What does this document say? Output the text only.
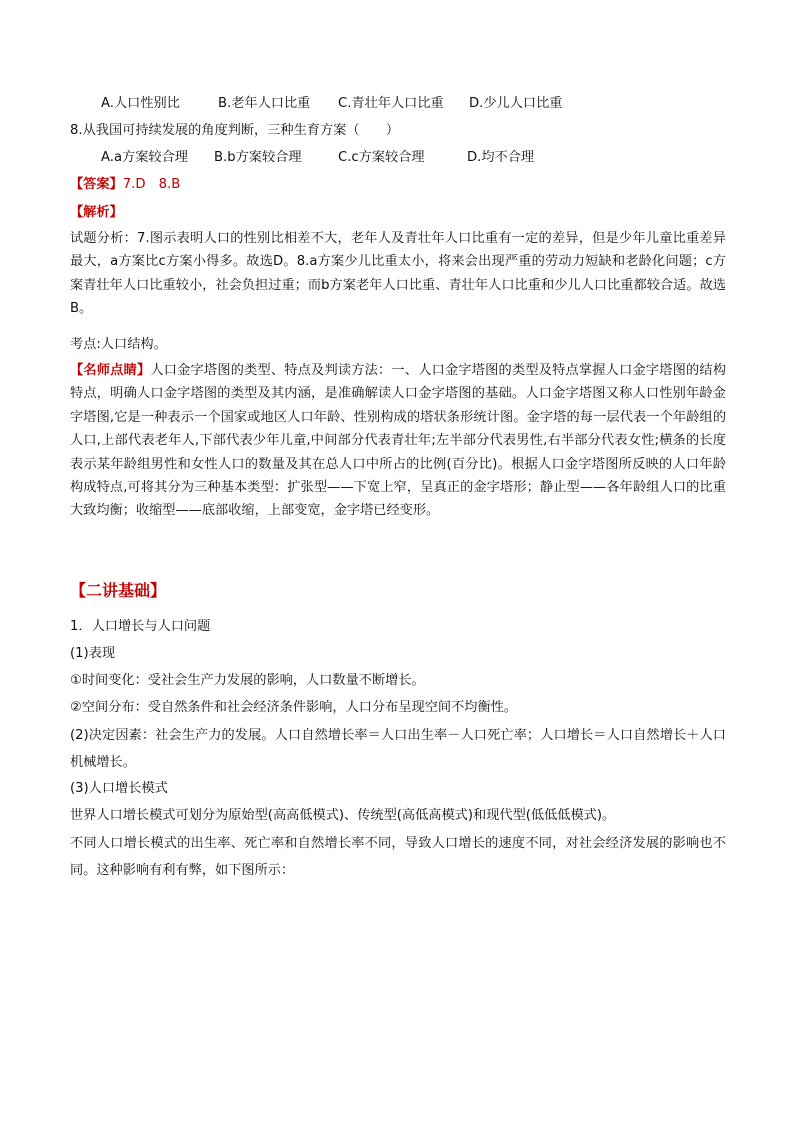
A.人口性别比	B.老年人口比重 C.青壮年人口比重 D.少儿人口比重
8.从我国可持续发展的角度判断，三种生育方案（　　）
A.a方案较合理 B.b方案较合理	C.c方案较合理	D.均不合理
【答案】7.D　8.B
【解析】
试题分析：7.图示表明人口的性别比相差不大，老年人及青壮年人口比重有一定的差异，但是少年儿童比重差异最大，a方案比c方案小得多。故选D。8.a方案少儿比重太小，将来会出现严重的劳动力短缺和老龄化问题；c方案青壮年人口比重较小，社会负担过重；而b方案老年人口比重、青壮年人口比重和少儿人口比重都较合适。故选B。
考点:人口结构。
【名师点睛】人口金字塔图的类型、特点及判读方法：一、人口金字塔图的类型及特点掌握人口金字塔图的结构特点，明确人口金字塔图的类型及其内涵，是准确解读人口金字塔图的基础。人口金字塔图又称人口性别年龄金字塔图,它是一种表示一个国家或地区人口年龄、性别构成的塔状条形统计图。金字塔的每一层代表一个年龄组的人口,上部代表老年人,下部代表少年儿童,中间部分代表青壮年;左半部分代表男性,右半部分代表女性;横条的长度表示某年龄组男性和女性人口的数量及其在总人口中所占的比例(百分比)。根据人口金字塔图所反映的人口年龄构成特点,可将其分为三种基本类型：扩张型——下宽上窄，呈真正的金字塔形；静止型——各年龄组人口的比重大致均衡；收缩型——底部收缩，上部变宽，金字塔已经变形。
【二讲基础】
1．人口增长与人口问题
(1)表现
①时间变化：受社会生产力发展的影响，人口数量不断增长。
②空间分布：受自然条件和社会经济条件影响，人口分布呈现空间不均衡性。
(2)决定因素：社会生产力的发展。人口自然增长率＝人口出生率－人口死亡率；人口增长＝人口自然增长＋人口机械增长。
(3)人口增长模式
世界人口增长模式可划分为原始型(高高低模式)、传统型(高低高模式)和现代型(低低低模式)。
不同人口增长模式的出生率、死亡率和自然增长率不同，导致人口增长的速度不同，对社会经济发展的影响也不同。这种影响有利有弊，如下图所示：
